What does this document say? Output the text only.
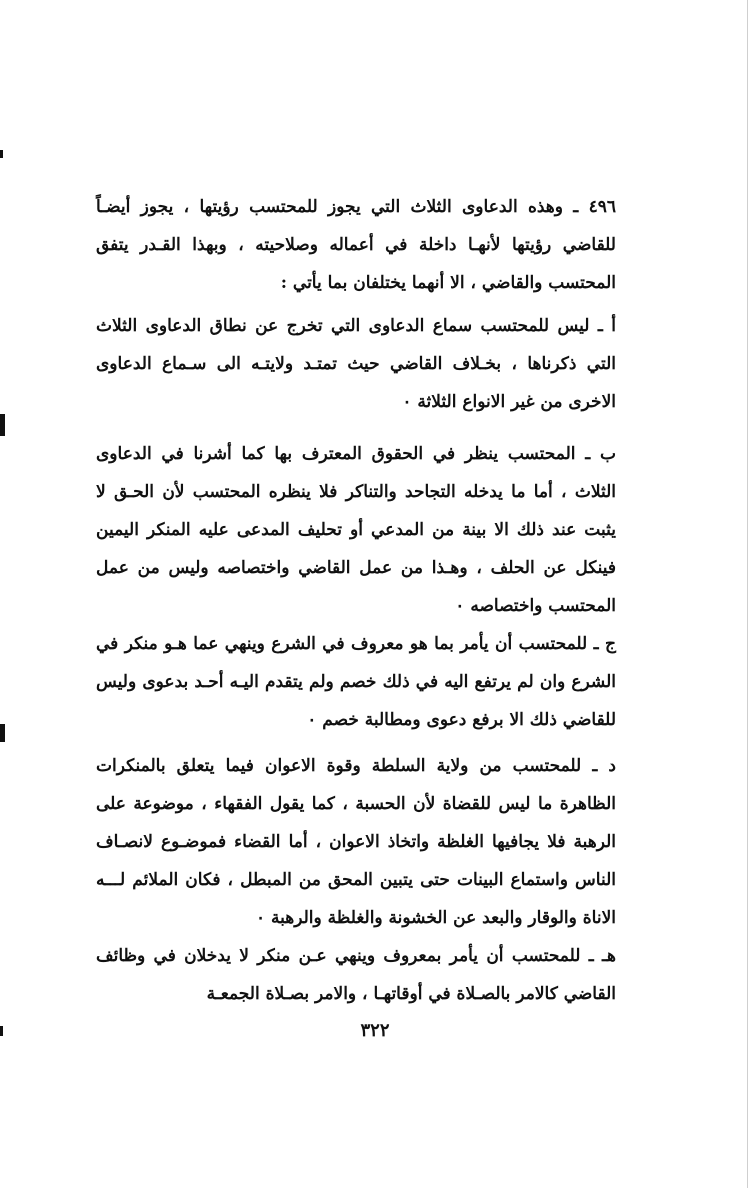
٤٩٦ ـ وهذه الدعاوى الثلاث التي يجوز للمحتسب رؤيتها ، يجوز أيضـاً للقاضي رؤيتها لأنهـا داخلة في أعماله وصلاحيته ، وبهذا القـدر يتفق المحتسب والقاضي ، الا أنهما يختلفان بما يأتي :

أ ـ ليس للمحتسب سماع الدعاوى التي تخرج عن نطاق الدعاوى الثلاث التي ذكرناها ، بخـلاف القاضي حيث تمتـد ولايتـه الى سـماع الدعاوى الاخرى من غير الانواع الثلاثة ٠

ب ـ المحتسب ينظر في الحقوق المعترف بها كما أشرنا في الدعاوى الثلاث ، أما ما يدخله التجاحد والتناكر فلا ينظره المحتسب لأن الحـق لا يثبت عند ذلك الا بينة من المدعي أو تحليف المدعى عليه المنكر اليمين فينكل عن الحلف ، وهـذا من عمل القاضي واختصاصه وليس من عمل المحتسب واختصاصه ٠

ج ـ للمحتسب أن يأمر بما هو معروف في الشرع وينهي عما هـو منكر في الشرع وان لم يرتفع اليه في ذلك خصم ولم يتقدم اليـه أحـد بدعوى وليس للقاضي ذلك الا برفع دعوى ومطالبة خصم ٠

د ـ للمحتسب من ولاية السلطة وقوة الاعوان فيما يتعلق بالمنكرات الظاهرة ما ليس للقضاة لأن الحسبة ، كما يقول الفقهاء ، موضوعة على الرهبة فلا يجافيها الغلظة واتخاذ الاعوان ، أما القضاء فموضـوع لانصـاف الناس واستماع البينات حتى يتبين المحق من المبطل ، فكان الملائم لـــه الاناة والوقار والبعد عن الخشونة والغلظة والرهبة ٠

هـ ـ للمحتسب أن يأمر بمعروف وينهي عـن منكر لا يدخلان في وظائف القاضي كالامر بالصـلاة في أوقاتهـا ، والامر بصـلاة الجمعـة

٣٢٢
